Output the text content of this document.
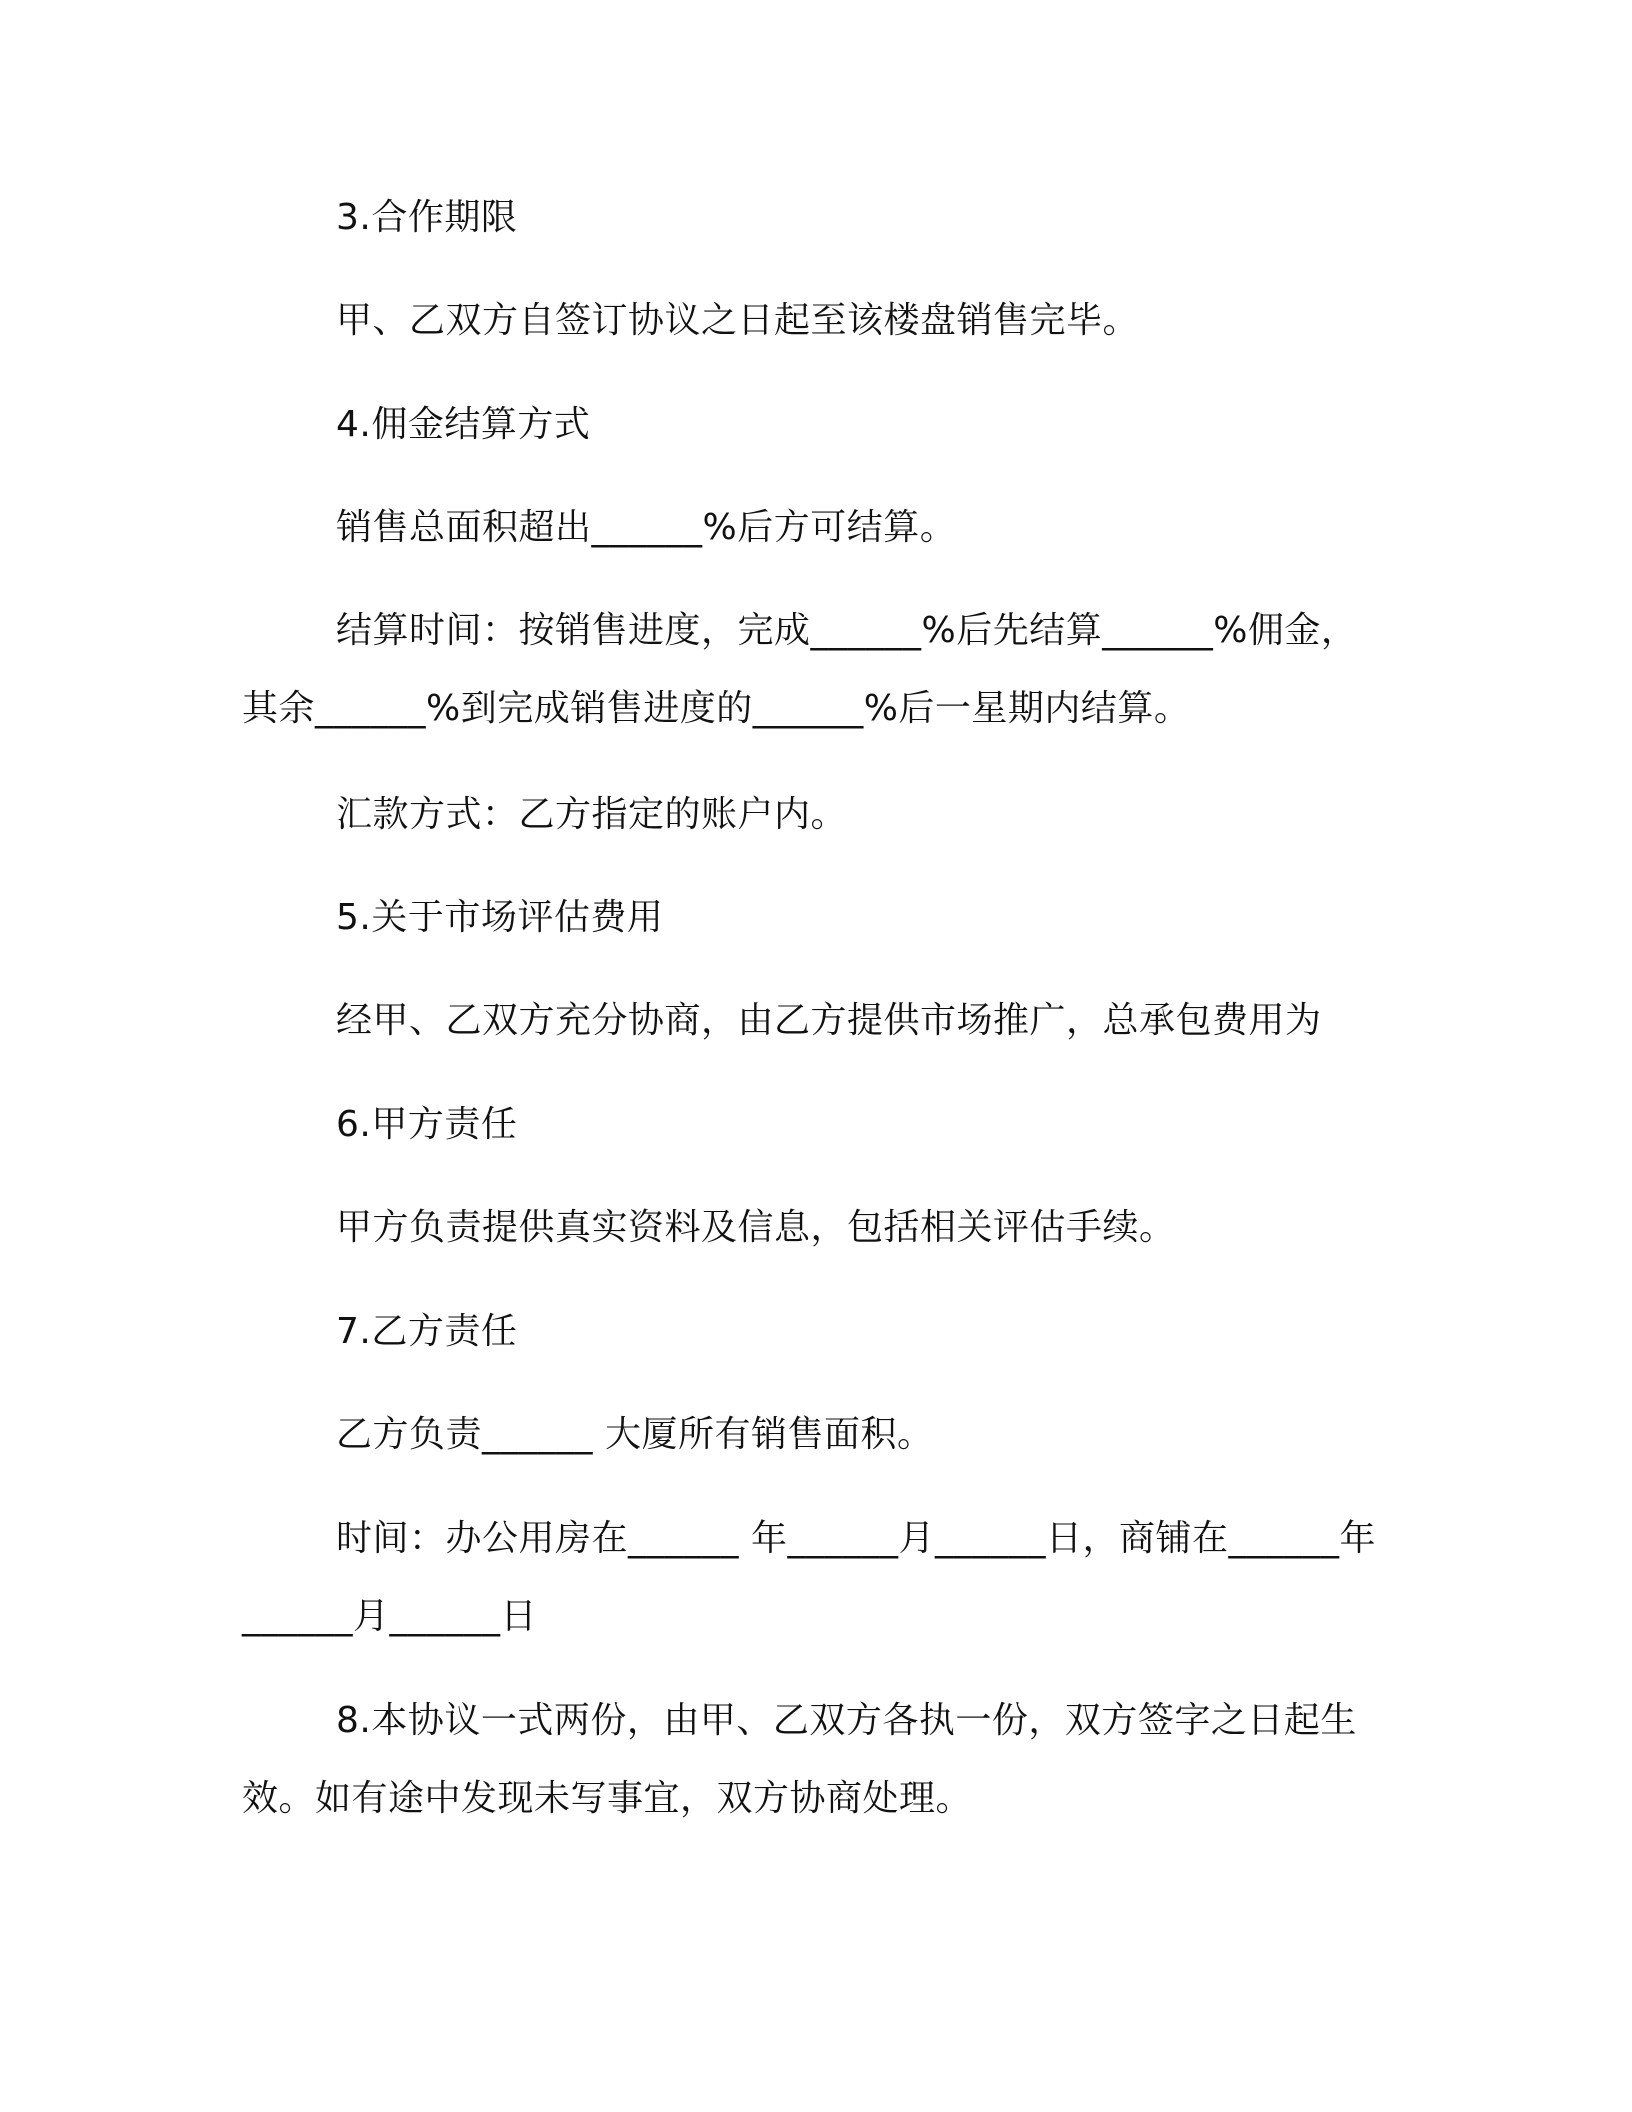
3.合作期限
甲、乙双方自签订协议之日起至该楼盘销售完毕。
4.佣金结算方式
销售总面积超出______%后方可结算。
结算时间：按销售进度，完成______%后先结算______%佣金，其余______%到完成销售进度的______%后一星期内结算。
汇款方式：乙方指定的账户内。
5.关于市场评估费用
经甲、乙双方充分协商，由乙方提供市场推广，总承包费用为
6.甲方责任
甲方负责提供真实资料及信息，包括相关评估手续。
7.乙方责任
乙方负责______ 大厦所有销售面积。
时间：办公用房在______ 年______月______日，商铺在______年______月______日
8.本协议一式两份，由甲、乙双方各执一份，双方签字之日起生效。如有途中发现未写事宜，双方协商处理。
